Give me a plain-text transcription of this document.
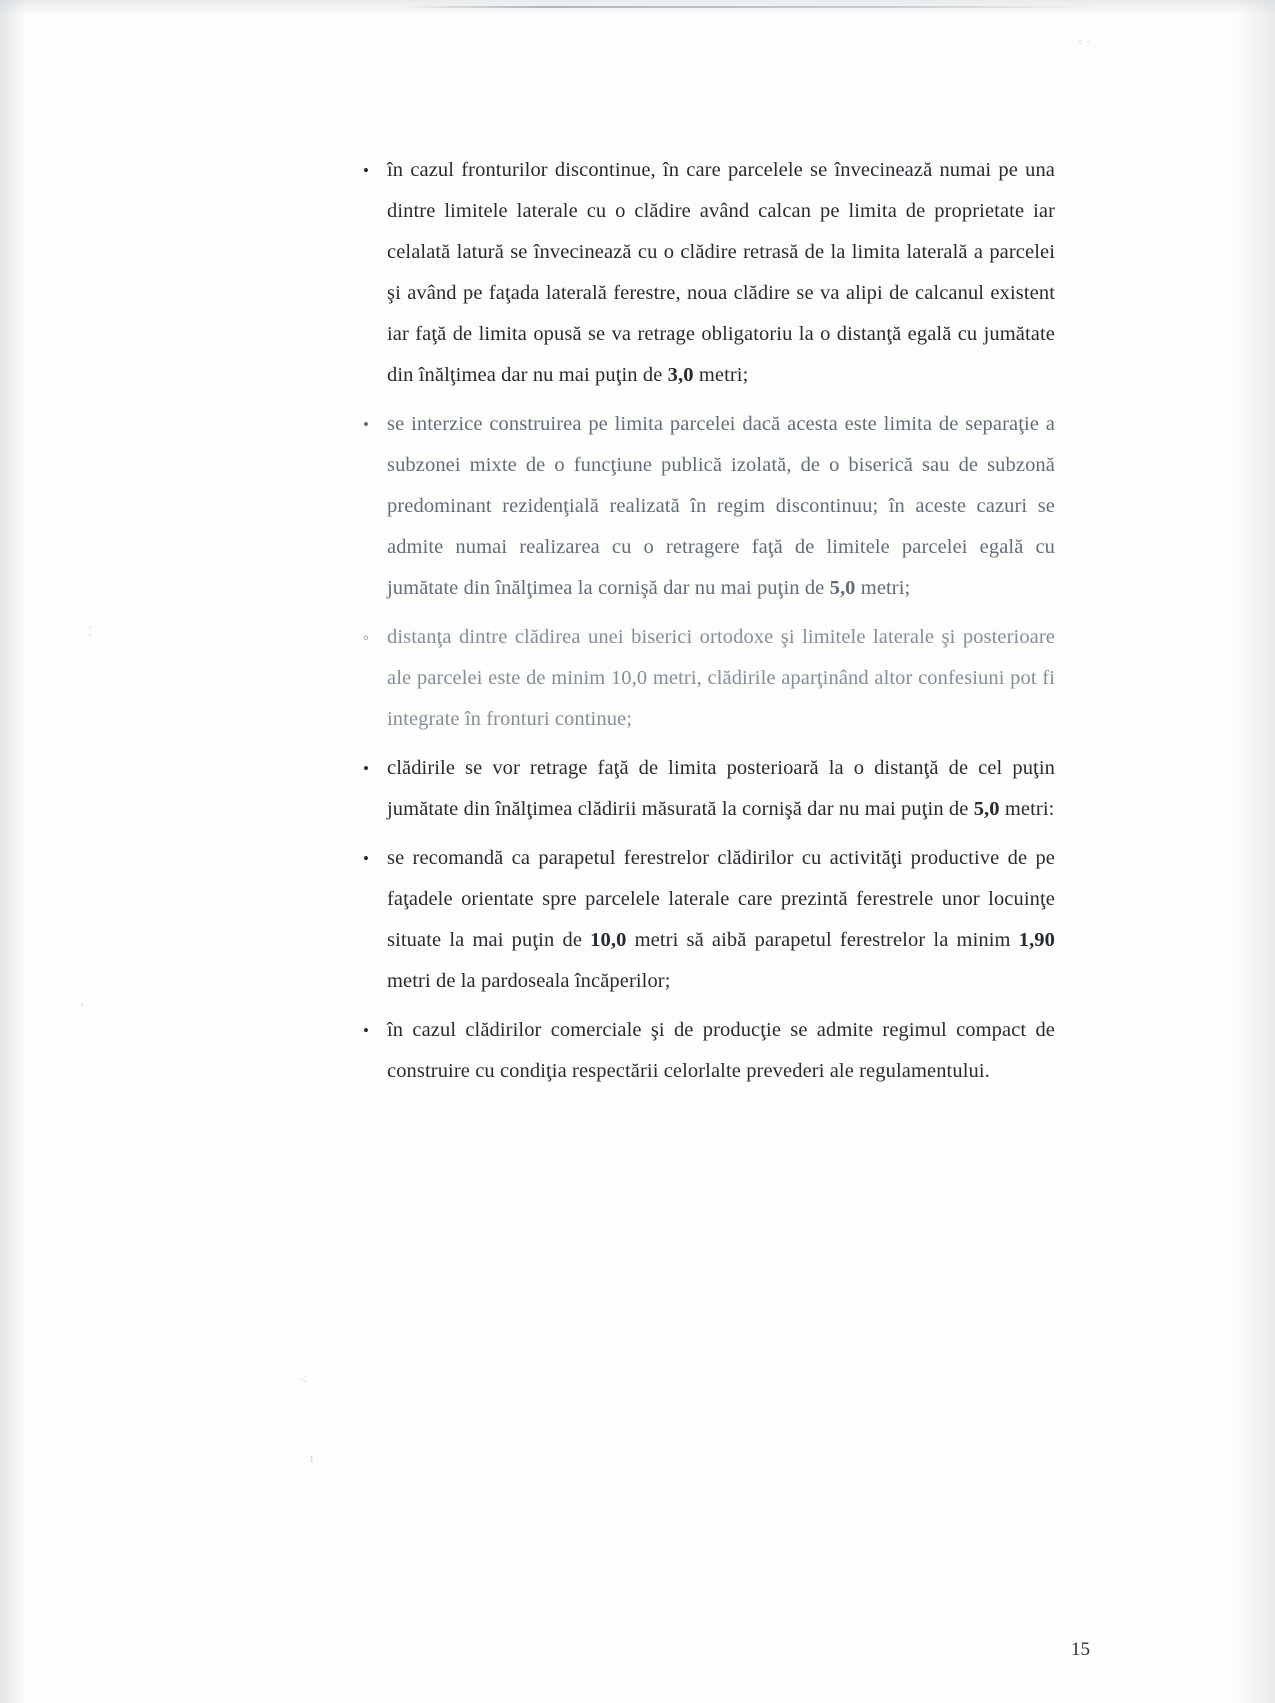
▫ ·
⁚
ʼ
⁖
ı
• în cazul fronturilor discontinue, în care parcelele se învecinează numai pe una dintre limitele laterale cu o clădire având calcan pe limita de proprietate iar celalată latură se învecinează cu o clădire retrasă de la limita laterală a parcelei şi având pe faţada laterală ferestre, noua clădire se va alipi de calcanul existent iar faţă de limita opusă se va retrage obligatoriu la o distanţă egală cu jumătate din înălţimea dar nu mai puţin de 3,0 metri;
• se interzice construirea pe limita parcelei dacă acesta este limita de separaţie a subzonei mixte de o funcţiune publică izolată, de o biserică sau de subzonă predominant rezidenţială realizată în regim discontinuu; în aceste cazuri se admite numai realizarea cu o retragere faţă de limitele parcelei egală cu jumătate din înălţimea la cornişă dar nu mai puţin de 5,0 metri;
◦ distanţa dintre clădirea unei biserici ortodoxe şi limitele laterale şi posterioare ale parcelei este de minim 10,0 metri, clădirile aparţinând altor confesiuni pot fi integrate în fronturi continue;
• clădirile se vor retrage faţă de limita posterioară la o distanţă de cel puţin jumătate din înălţimea clădirii măsurată la cornişă dar nu mai puţin de 5,0 metri:
• se recomandă ca parapetul ferestrelor clădirilor cu activităţi productive de pe faţadele orientate spre parcelele laterale care prezintă ferestrele unor locuinţe situate la mai puţin de 10,0 metri să aibă parapetul ferestrelor la minim 1,90 metri de la pardoseala încăperilor;
• în cazul clădirilor comerciale şi de producţie se admite regimul compact de construire cu condiţia respectării celorlalte prevederi ale regulamentului.
15
